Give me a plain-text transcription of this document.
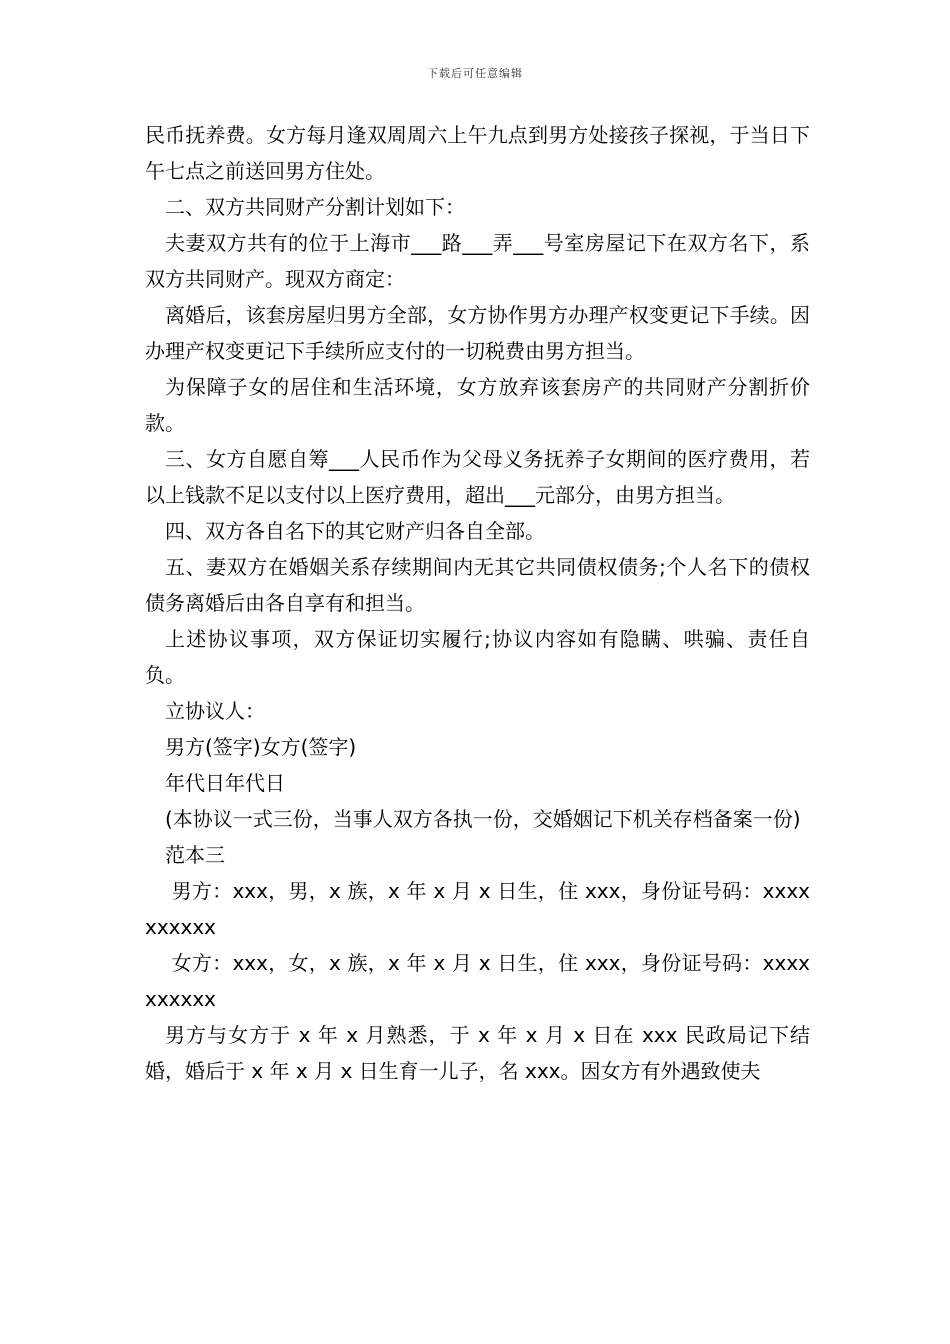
下载后可任意编辑

民币抚养费。女方每月逢双周周六上午九点到男方处接孩子探视，于当日下午七点之前送回男方住处。

二、双方共同财产分割计划如下：

夫妻双方共有的位于上海市___路___弄___号室房屋记下在双方名下，系双方共同财产。现双方商定：

离婚后，该套房屋归男方全部，女方协作男方办理产权变更记下手续。因办理产权变更记下手续所应支付的一切税费由男方担当。

为保障子女的居住和生活环境，女方放弃该套房产的共同财产分割折价款。

三、女方自愿自筹___人民币作为父母义务抚养子女期间的医疗费用，若以上钱款不足以支付以上医疗费用，超出___元部分，由男方担当。

四、双方各自名下的其它财产归各自全部。

五、妻双方在婚姻关系存续期间内无其它共同债权债务;个人名下的债权债务离婚后由各自享有和担当。

上述协议事项，双方保证切实履行;协议内容如有隐瞒、哄骗、责任自负。

立协议人：

男方(签字)女方(签字)

年代日年代日

(本协议一式三份，当事人双方各执一份，交婚姻记下机关存档备案一份)

范本三

男方：xxx，男，x 族，x 年 x 月 x 日生，住 xxx，身份证号码：xxxxxxxxxx

女方：xxx，女，x 族，x 年 x 月 x 日生，住 xxx，身份证号码：xxxxxxxxxx

男方与女方于 x 年 x 月熟悉，于 x 年 x 月 x 日在 xxx 民政局记下结婚，婚后于 x 年 x 月 x 日生育一儿子，名 xxx。因女方有外遇致使夫
